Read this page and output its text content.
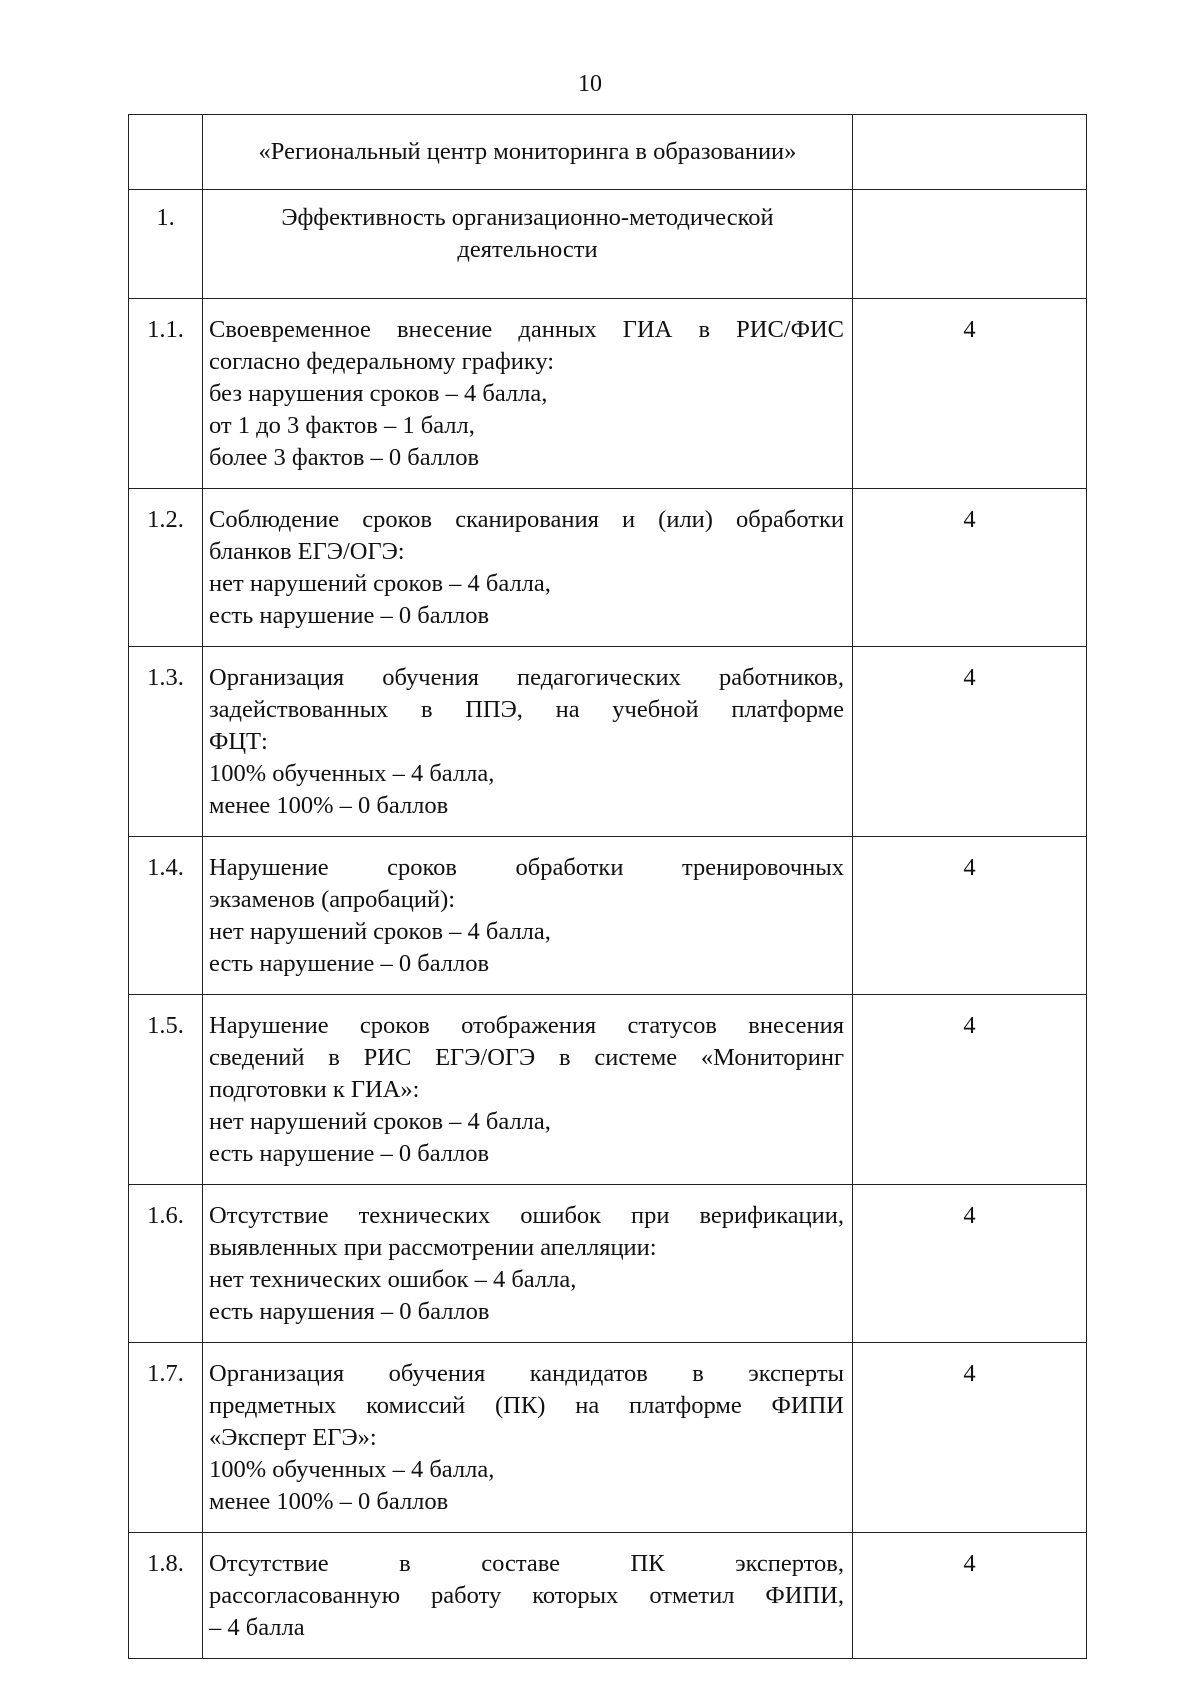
10
	«Региональный центр мониторинга в образовании»	
1.	Эффективность организационно-методической деятельности	
1.1.	Своевременное внесение данных ГИА в РИС/ФИС
согласно федеральному графику:
без нарушения сроков – 4 балла,
от 1 до 3 фактов – 1 балл,
более 3 фактов – 0 баллов	4
1.2.	Соблюдение сроков сканирования и (или) обработки
бланков ЕГЭ/ОГЭ:
нет нарушений сроков – 4 балла,
есть нарушение – 0 баллов	4
1.3.	Организация обучения педагогических работников,
задействованных в ППЭ, на учебной платформе
ФЦТ:
100% обученных – 4 балла,
менее 100% – 0 баллов	4
1.4.	Нарушение сроков обработки тренировочных
экзаменов (апробаций):
нет нарушений сроков – 4 балла,
есть нарушение – 0 баллов	4
1.5.	Нарушение сроков отображения статусов внесения
сведений в РИС ЕГЭ/ОГЭ в системе «Мониторинг
подготовки к ГИА»:
нет нарушений сроков – 4 балла,
есть нарушение – 0 баллов	4
1.6.	Отсутствие технических ошибок при верификации,
выявленных при рассмотрении апелляции:
нет технических ошибок – 4 балла,
есть нарушения – 0 баллов	4
1.7.	Организация обучения кандидатов в эксперты
предметных комиссий (ПК) на платформе ФИПИ
«Эксперт ЕГЭ»:
100% обученных – 4 балла,
менее 100% – 0 баллов	4
1.8.	Отсутствие в составе ПК экспертов,
рассогласованную работу которых отметил ФИПИ,
– 4 балла	4
